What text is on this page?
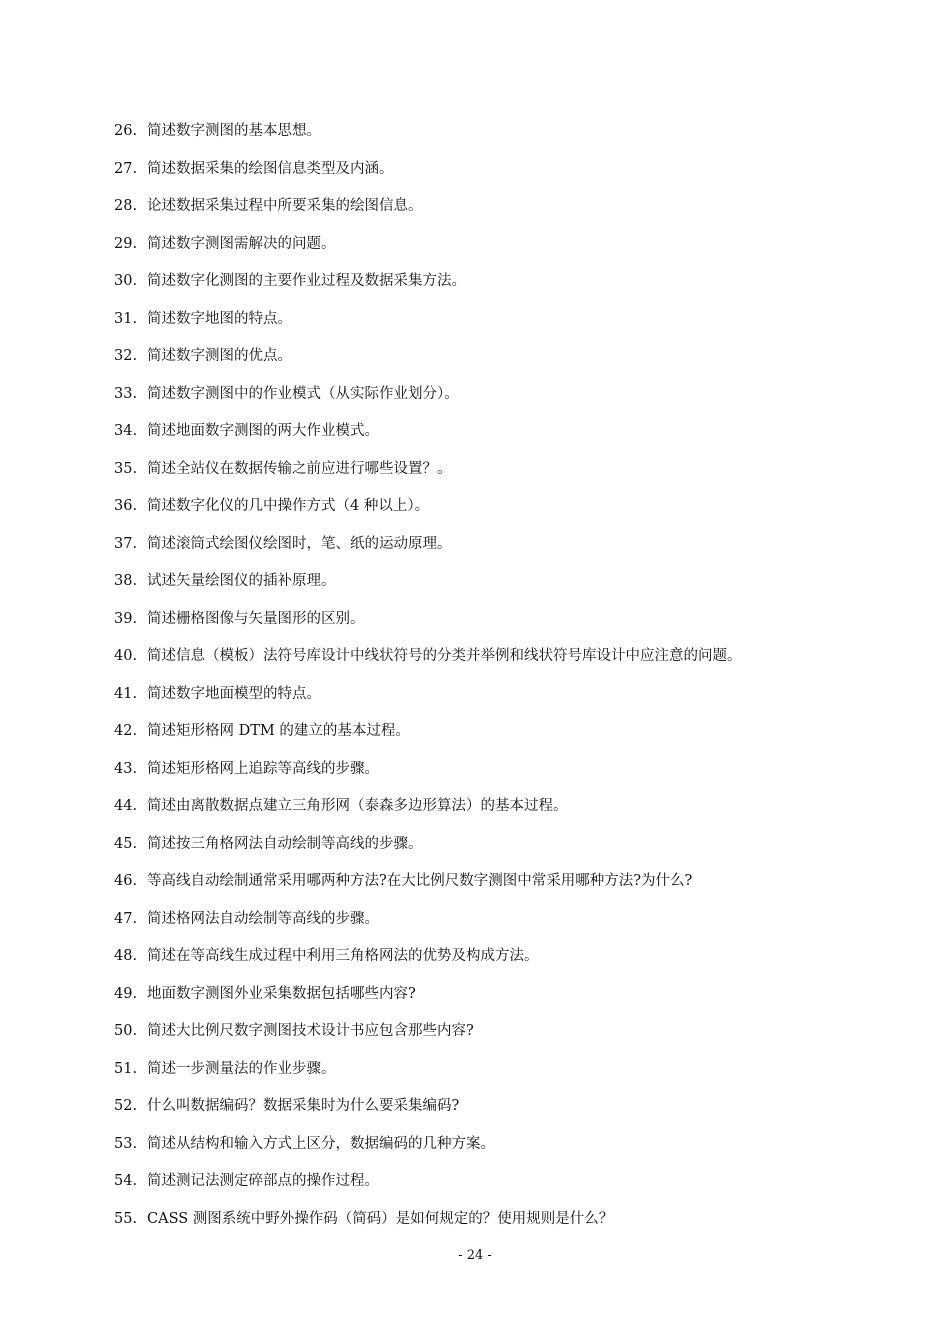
26. 简述数字测图的基本思想。
27. 简述数据采集的绘图信息类型及内涵。
28. 论述数据采集过程中所要采集的绘图信息。
29. 简述数字测图需解决的问题。
30. 简述数字化测图的主要作业过程及数据采集方法。
31. 简述数字地图的特点。
32. 简述数字测图的优点。
33. 简述数字测图中的作业模式（从实际作业划分）。
34. 简述地面数字测图的两大作业模式。
35. 简述全站仪在数据传输之前应进行哪些设置？。
36. 简述数字化仪的几中操作方式（4 种以上）。
37. 简述滚筒式绘图仪绘图时，笔、纸的运动原理。
38. 试述矢量绘图仪的插补原理。
39. 简述栅格图像与矢量图形的区别。
40. 简述信息（模板）法符号库设计中线状符号的分类并举例和线状符号库设计中应注意的问题。
41. 简述数字地面模型的特点。
42. 简述矩形格网 DTM 的建立的基本过程。
43. 简述矩形格网上追踪等高线的步骤。
44. 简述由离散数据点建立三角形网（泰森多边形算法）的基本过程。
45. 简述按三角格网法自动绘制等高线的步骤。
46. 等高线自动绘制通常采用哪两种方法?在大比例尺数字测图中常采用哪种方法?为什么?
47. 简述格网法自动绘制等高线的步骤。
48. 简述在等高线生成过程中利用三角格网法的优势及构成方法。
49. 地面数字测图外业采集数据包括哪些内容?
50. 简述大比例尺数字测图技术设计书应包含那些内容?
51. 简述一步测量法的作业步骤。
52. 什么叫数据编码？数据采集时为什么要采集编码?
53. 简述从结构和输入方式上区分，数据编码的几种方案。
54. 简述测记法测定碎部点的操作过程。
55. CASS 测图系统中野外操作码（简码）是如何规定的？使用规则是什么？
- 24 -
